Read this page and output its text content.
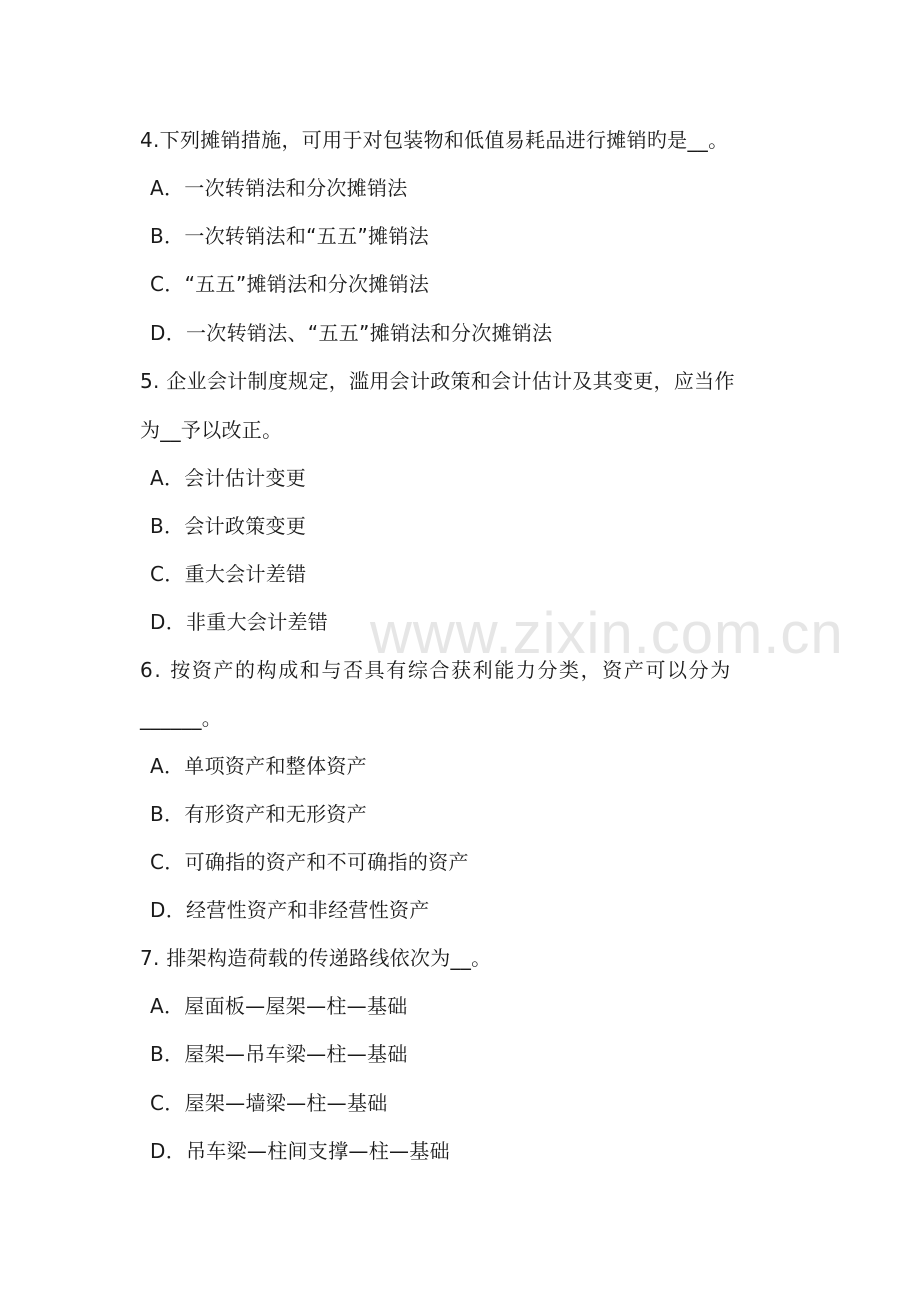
www.zixin.com.cn
4.下列摊销措施，可用于对包装物和低值易耗品进行摊销旳是__。
A．一次转销法和分次摊销法
B．一次转销法和“五五”摊销法
C．“五五”摊销法和分次摊销法
D．一次转销法、“五五”摊销法和分次摊销法
5. 企业会计制度规定，滥用会计政策和会计估计及其变更，应当作
为__予以改正。
A．会计估计变更
B．会计政策变更
C．重大会计差错
D．非重大会计差错
6. 按资产的构成和与否具有综合获利能力分类，资产可以分为
______。
A．单项资产和整体资产
B．有形资产和无形资产
C．可确指的资产和不可确指的资产
D．经营性资产和非经营性资产
7. 排架构造荷载的传递路线依次为__。
A．屋面板—屋架—柱—基础
B．屋架—吊车梁—柱—基础
C．屋架—墙梁—柱—基础
D．吊车梁—柱间支撑—柱—基础
